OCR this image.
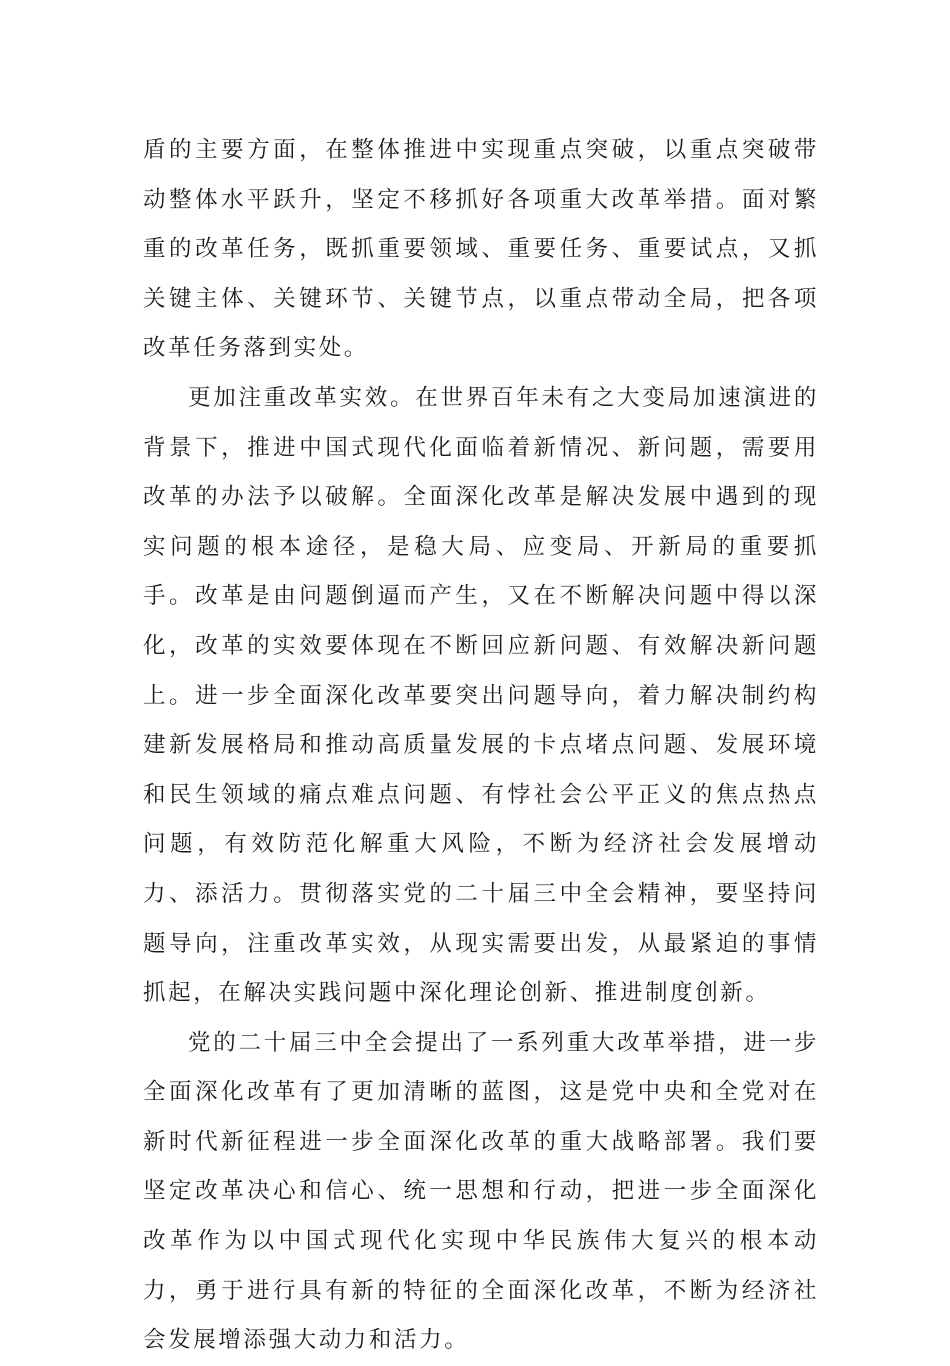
盾的主要方面，在整体推进中实现重点突破，以重点突破带动整体水平跃升，坚定不移抓好各项重大改革举措。面对繁重的改革任务，既抓重要领域、重要任务、重要试点，又抓关键主体、关键环节、关键节点，以重点带动全局，把各项改革任务落到实处。

更加注重改革实效。在世界百年未有之大变局加速演进的背景下，推进中国式现代化面临着新情况、新问题，需要用改革的办法予以破解。全面深化改革是解决发展中遇到的现实问题的根本途径，是稳大局、应变局、开新局的重要抓手。改革是由问题倒逼而产生，又在不断解决问题中得以深化，改革的实效要体现在不断回应新问题、有效解决新问题上。进一步全面深化改革要突出问题导向，着力解决制约构建新发展格局和推动高质量发展的卡点堵点问题、发展环境和民生领域的痛点难点问题、有悖社会公平正义的焦点热点问题，有效防范化解重大风险，不断为经济社会发展增动力、添活力。贯彻落实党的二十届三中全会精神，要坚持问题导向，注重改革实效，从现实需要出发，从最紧迫的事情抓起，在解决实践问题中深化理论创新、推进制度创新。

党的二十届三中全会提出了一系列重大改革举措，进一步全面深化改革有了更加清晰的蓝图，这是党中央和全党对在新时代新征程进一步全面深化改革的重大战略部署。我们要坚定改革决心和信心、统一思想和行动，把进一步全面深化改革作为以中国式现代化实现中华民族伟大复兴的根本动力，勇于进行具有新的特征的全面深化改革，不断为经济社会发展增添强大动力和活力。
